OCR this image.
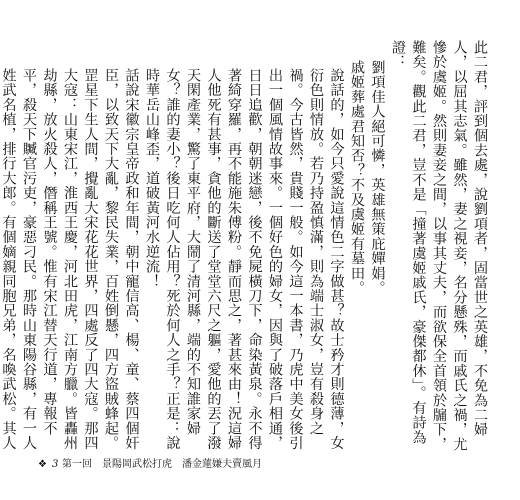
此二君，評到個去處，說劉項者，固當世之英雄，不免為二婦人，以屈其志氣。雖然，妻之視妾，名分懸殊，而戚氏之禍，尤慘於虞姬。然則妻妾之間，以事其丈夫，而欲保全首領於牖下，難矣。觀此二君，豈不是「撞著虞姬戚氏，豪傑都休」。有詩為證：

劉項佳人絕可憐，英雄無策庇嬋娟。

戚姬葬處君知否？不及虞姬有墓田。

說話的，如今只愛說這情色二字做甚？故士矜才則德薄，女衍色則情放。若乃持盈慎滿，則為端士淑女，豈有殺身之禍。今古皆然，貴賤一般。如今這一本書，乃虎中美女後引出一個風情故事來。一個好色的婦女，因與了破落戶相通，日日追歡，朝朝迷戀，後不免屍橫刀下，命染黃泉。永不得著綺穿羅，再不能施朱傅粉。靜而思之，著甚來由！況這婦人他死有甚事，貪他的斷送了堂堂六尺之軀，愛他的丟了潑天閑產業，驚了東平府，大鬧了清河縣，端的不知誰家婦女？誰的妻小？後日吃何人佔用？死於何人之手？正是：說時華岳山峰歪，道破黃河水逆流！

話說宋徽宗皇帝政和年間，朝中寵信高、楊、童、蔡四個奸臣，以致天下大亂，黎民失業，百姓倒懸，四方盜賊蜂起。罡星下生人間，攪亂大宋花花世界，四處反了四大寇。那四大寇：山東宋江，淮西王慶，河北田虎，江南方臘。皆轟州劫縣，放火殺人，僭稱王號。惟有宋江替天行道，專報不平，殺天下贓官污吏，豪惡刁民。那時山東陽谷縣，有一人姓武名植，排行大郎。有個嫡親同胞兄弟，名喚武松。其人

第一回　景陽岡武松打虎　潘金蓮嫌夫賣風月
❖ 3
